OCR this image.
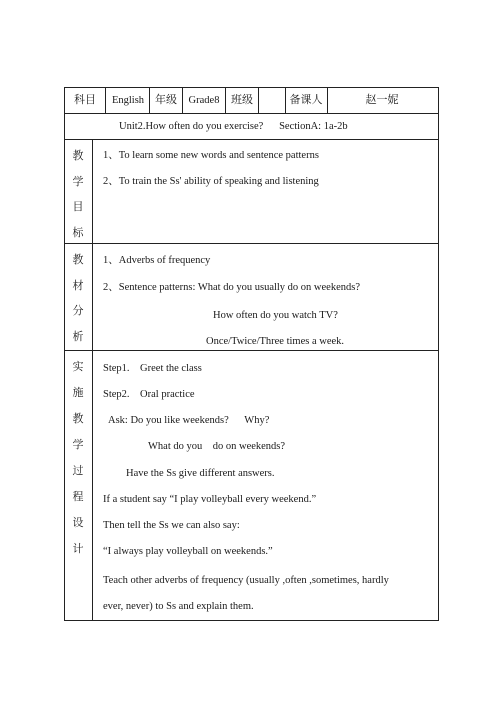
科目 English 年级 Grade8 班级	备课人	赵一妮
Unit2.How often do you exercise?      SectionA: 1a-2b
教
学
目
标
1、To learn some new words and sentence patterns
2、To train the Ss' ability of speaking and listening
教
材
分
析
1、Adverbs of frequency
2、Sentence patterns: What do you usually do on weekends?
How often do you watch TV?
Once/Twice/Three times a week.
实
施
教
学
过
程
设
计
Step1.    Greet the class
Step2.    Oral practice
Ask: Do you like weekends?      Why?
What do you    do on weekends?
Have the Ss give different answers.
If a student say “I play volleyball every weekend.”
Then tell the Ss we can also say:
“I always play volleyball on weekends.”
Teach other adverbs of frequency (usually ,often ,sometimes, hardly
ever, never) to Ss and explain them.
